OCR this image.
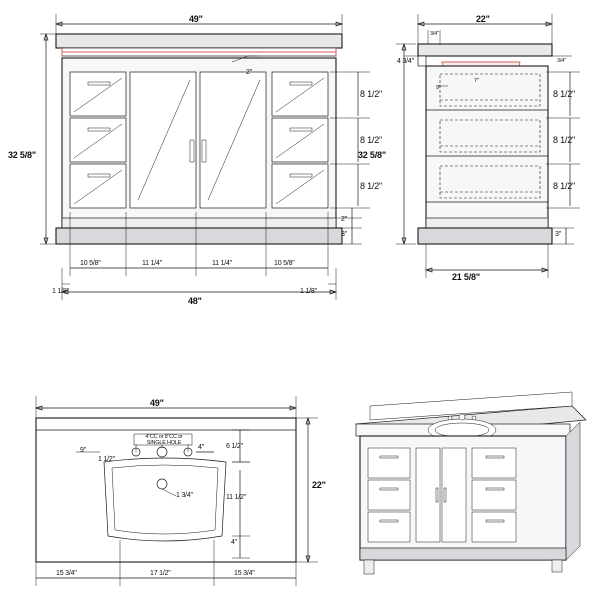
49"
32 5/8"
2"
8 1/2"
8 1/2"
8 1/2"
2"
3"
10 5/8"	11 1/4"	11 1/4"	10 5/8"
1 1/8"	1 1/8"
48"
22"
3/4"
4 3/4"	3/4"
7"
9"
32 5/8"
8 1/2"
8 1/2"
8 1/2"
3"
21 5/8"
49"
4"CC or 8"CC or SINGLE HOLE
9"
1 1/2"
4"	6 1/2"
1 3/4"	11 1/2"
4"
22"
15 3/4"	17 1/2"	15 3/4"
